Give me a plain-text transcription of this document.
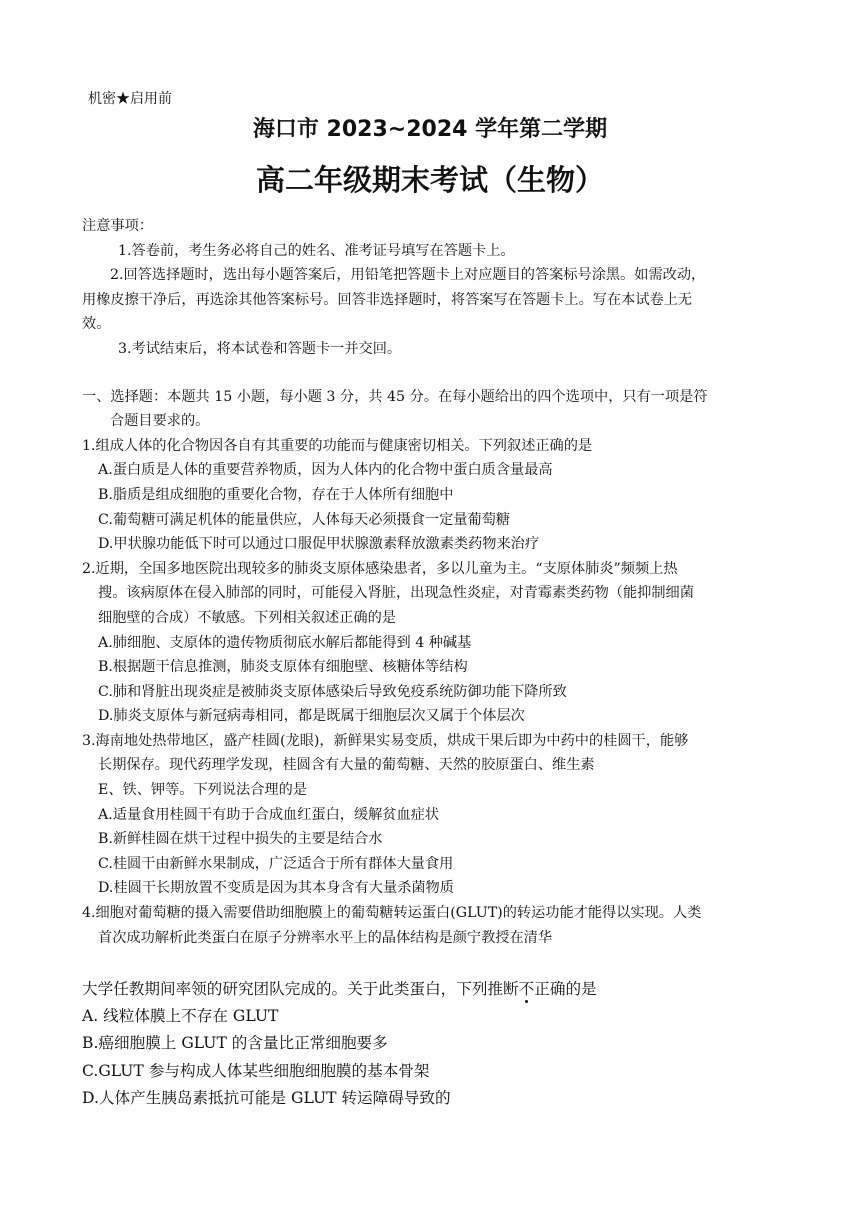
机密★启用前
海口市 2023~2024 学年第二学期
高二年级期末考试（生物）
注意事项：
1.答卷前，考生务必将自己的姓名、准考证号填写在答题卡上。
2.回答选择题时，选出每小题答案后，用铅笔把答题卡上对应题目的答案标号涂黑。如需改动，
用橡皮擦干净后，再选涂其他答案标号。回答非选择题时，将答案写在答题卡上。写在本试卷上无
效。
3.考试结束后，将本试卷和答题卡一并交回。
一、选择题：本题共 15 小题，每小题 3 分，共 45 分。在每小题给出的四个选项中，只有一项是符
合题目要求的。
1.组成人体的化合物因各自有其重要的功能而与健康密切相关。下列叙述正确的是
A.蛋白质是人体的重要营养物质，因为人体内的化合物中蛋白质含量最高
B.脂质是组成细胞的重要化合物，存在于人体所有细胞中
C.葡萄糖可满足机体的能量供应，人体每天必须摄食一定量葡萄糖
D.甲状腺功能低下时可以通过口服促甲状腺激素释放激素类药物来治疗
2.近期，全国多地医院出现较多的肺炎支原体感染患者，多以儿童为主。“支原体肺炎”频频上热
搜。该病原体在侵入肺部的同时，可能侵入肾脏，出现急性炎症，对青霉素类药物（能抑制细菌
细胞壁的合成）不敏感。下列相关叙述正确的是
A.肺细胞、支原体的遗传物质彻底水解后都能得到 4 种碱基
B.根据题干信息推测，肺炎支原体有细胞壁、核糖体等结构
C.肺和肾脏出现炎症是被肺炎支原体感染后导致免疫系统防御功能下降所致
D.肺炎支原体与新冠病毒相同，都是既属于细胞层次又属于个体层次
3.海南地处热带地区，盛产桂圆(龙眼)，新鲜果实易变质，烘成干果后即为中药中的桂圆干，能够
长期保存。现代药理学发现，桂圆含有大量的葡萄糖、天然的胶原蛋白、维生素
E、铁、钾等。下列说法合理的是
A.适量食用桂圆干有助于合成血红蛋白，缓解贫血症状
B.新鲜桂圆在烘干过程中损失的主要是结合水
C.桂圆干由新鲜水果制成，广泛适合于所有群体大量食用
D.桂圆干长期放置不变质是因为其本身含有大量杀菌物质
4.细胞对葡萄糖的摄入需要借助细胞膜上的葡萄糖转运蛋白(GLUT)的转运功能才能得以实现。人类
首次成功解析此类蛋白在原子分辨率水平上的晶体结构是颜宁教授在清华
大学任教期间率领的研究团队完成的。关于此类蛋白，下列推断不正确的是
A. 线粒体膜上不存在 GLUT
B.癌细胞膜上 GLUT 的含量比正常细胞要多
C.GLUT 参与构成人体某些细胞细胞膜的基本骨架
D.人体产生胰岛素抵抗可能是 GLUT 转运障碍导致的
